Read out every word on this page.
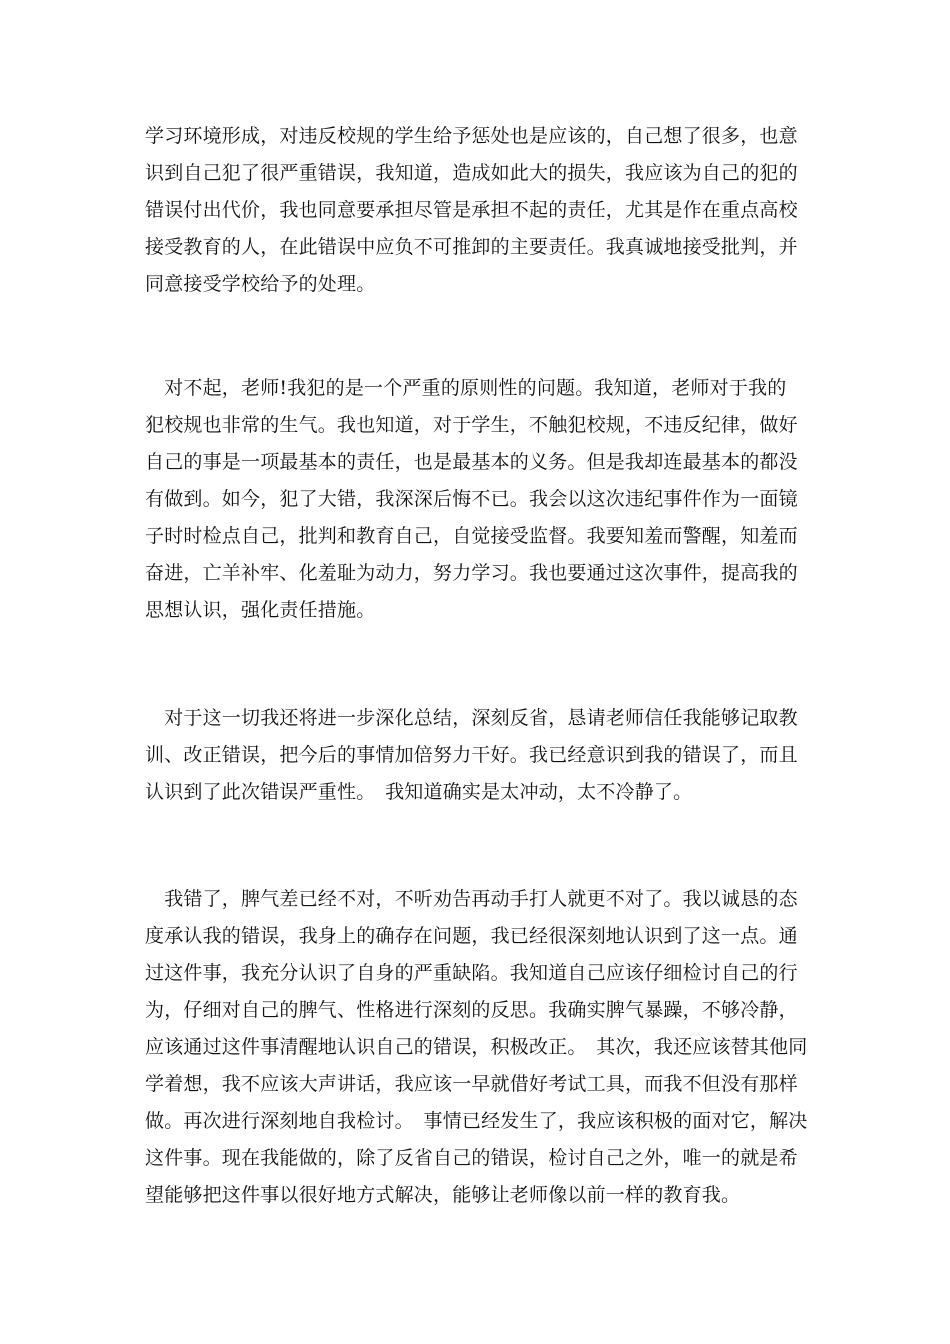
学习环境形成，对违反校规的学生给予惩处也是应该的，自己想了很多，也意
识到自己犯了很严重错误，我知道，造成如此大的损失，我应该为自己的犯的
错误付出代价，我也同意要承担尽管是承担不起的责任，尤其是作在重点高校
接受教育的人，在此错误中应负不可推卸的主要责任。我真诚地接受批判，并
同意接受学校给予的处理。
　对不起，老师!我犯的是一个严重的原则性的问题。我知道，老师对于我的
犯校规也非常的生气。我也知道，对于学生，不触犯校规，不违反纪律，做好
自己的事是一项最基本的责任，也是最基本的义务。但是我却连最基本的都没
有做到。如今，犯了大错，我深深后悔不已。我会以这次违纪事件作为一面镜
子时时检点自己，批判和教育自己，自觉接受监督。我要知羞而警醒，知羞而
奋进，亡羊补牢、化羞耻为动力，努力学习。我也要通过这次事件，提高我的
思想认识，强化责任措施。
　对于这一切我还将进一步深化总结，深刻反省，恳请老师信任我能够记取教
训、改正错误，把今后的事情加倍努力干好。我已经意识到我的错误了，而且
认识到了此次错误严重性。　我知道确实是太冲动，太不冷静了。
　我错了，脾气差已经不对，不听劝告再动手打人就更不对了。我以诚恳的态
度承认我的错误，我身上的确存在问题，我已经很深刻地认识到了这一点。通
过这件事，我充分认识了自身的严重缺陷。我知道自己应该仔细检讨自己的行
为，仔细对自己的脾气、性格进行深刻的反思。我确实脾气暴躁，不够冷静，
应该通过这件事清醒地认识自己的错误，积极改正。　其次，我还应该替其他同
学着想，我不应该大声讲话，我应该一早就借好考试工具，而我不但没有那样
做。再次进行深刻地自我检讨。　事情已经发生了，我应该积极的面对它，解决
这件事。现在我能做的，除了反省自己的错误，检讨自己之外，唯一的就是希
望能够把这件事以很好地方式解决，能够让老师像以前一样的教育我。
